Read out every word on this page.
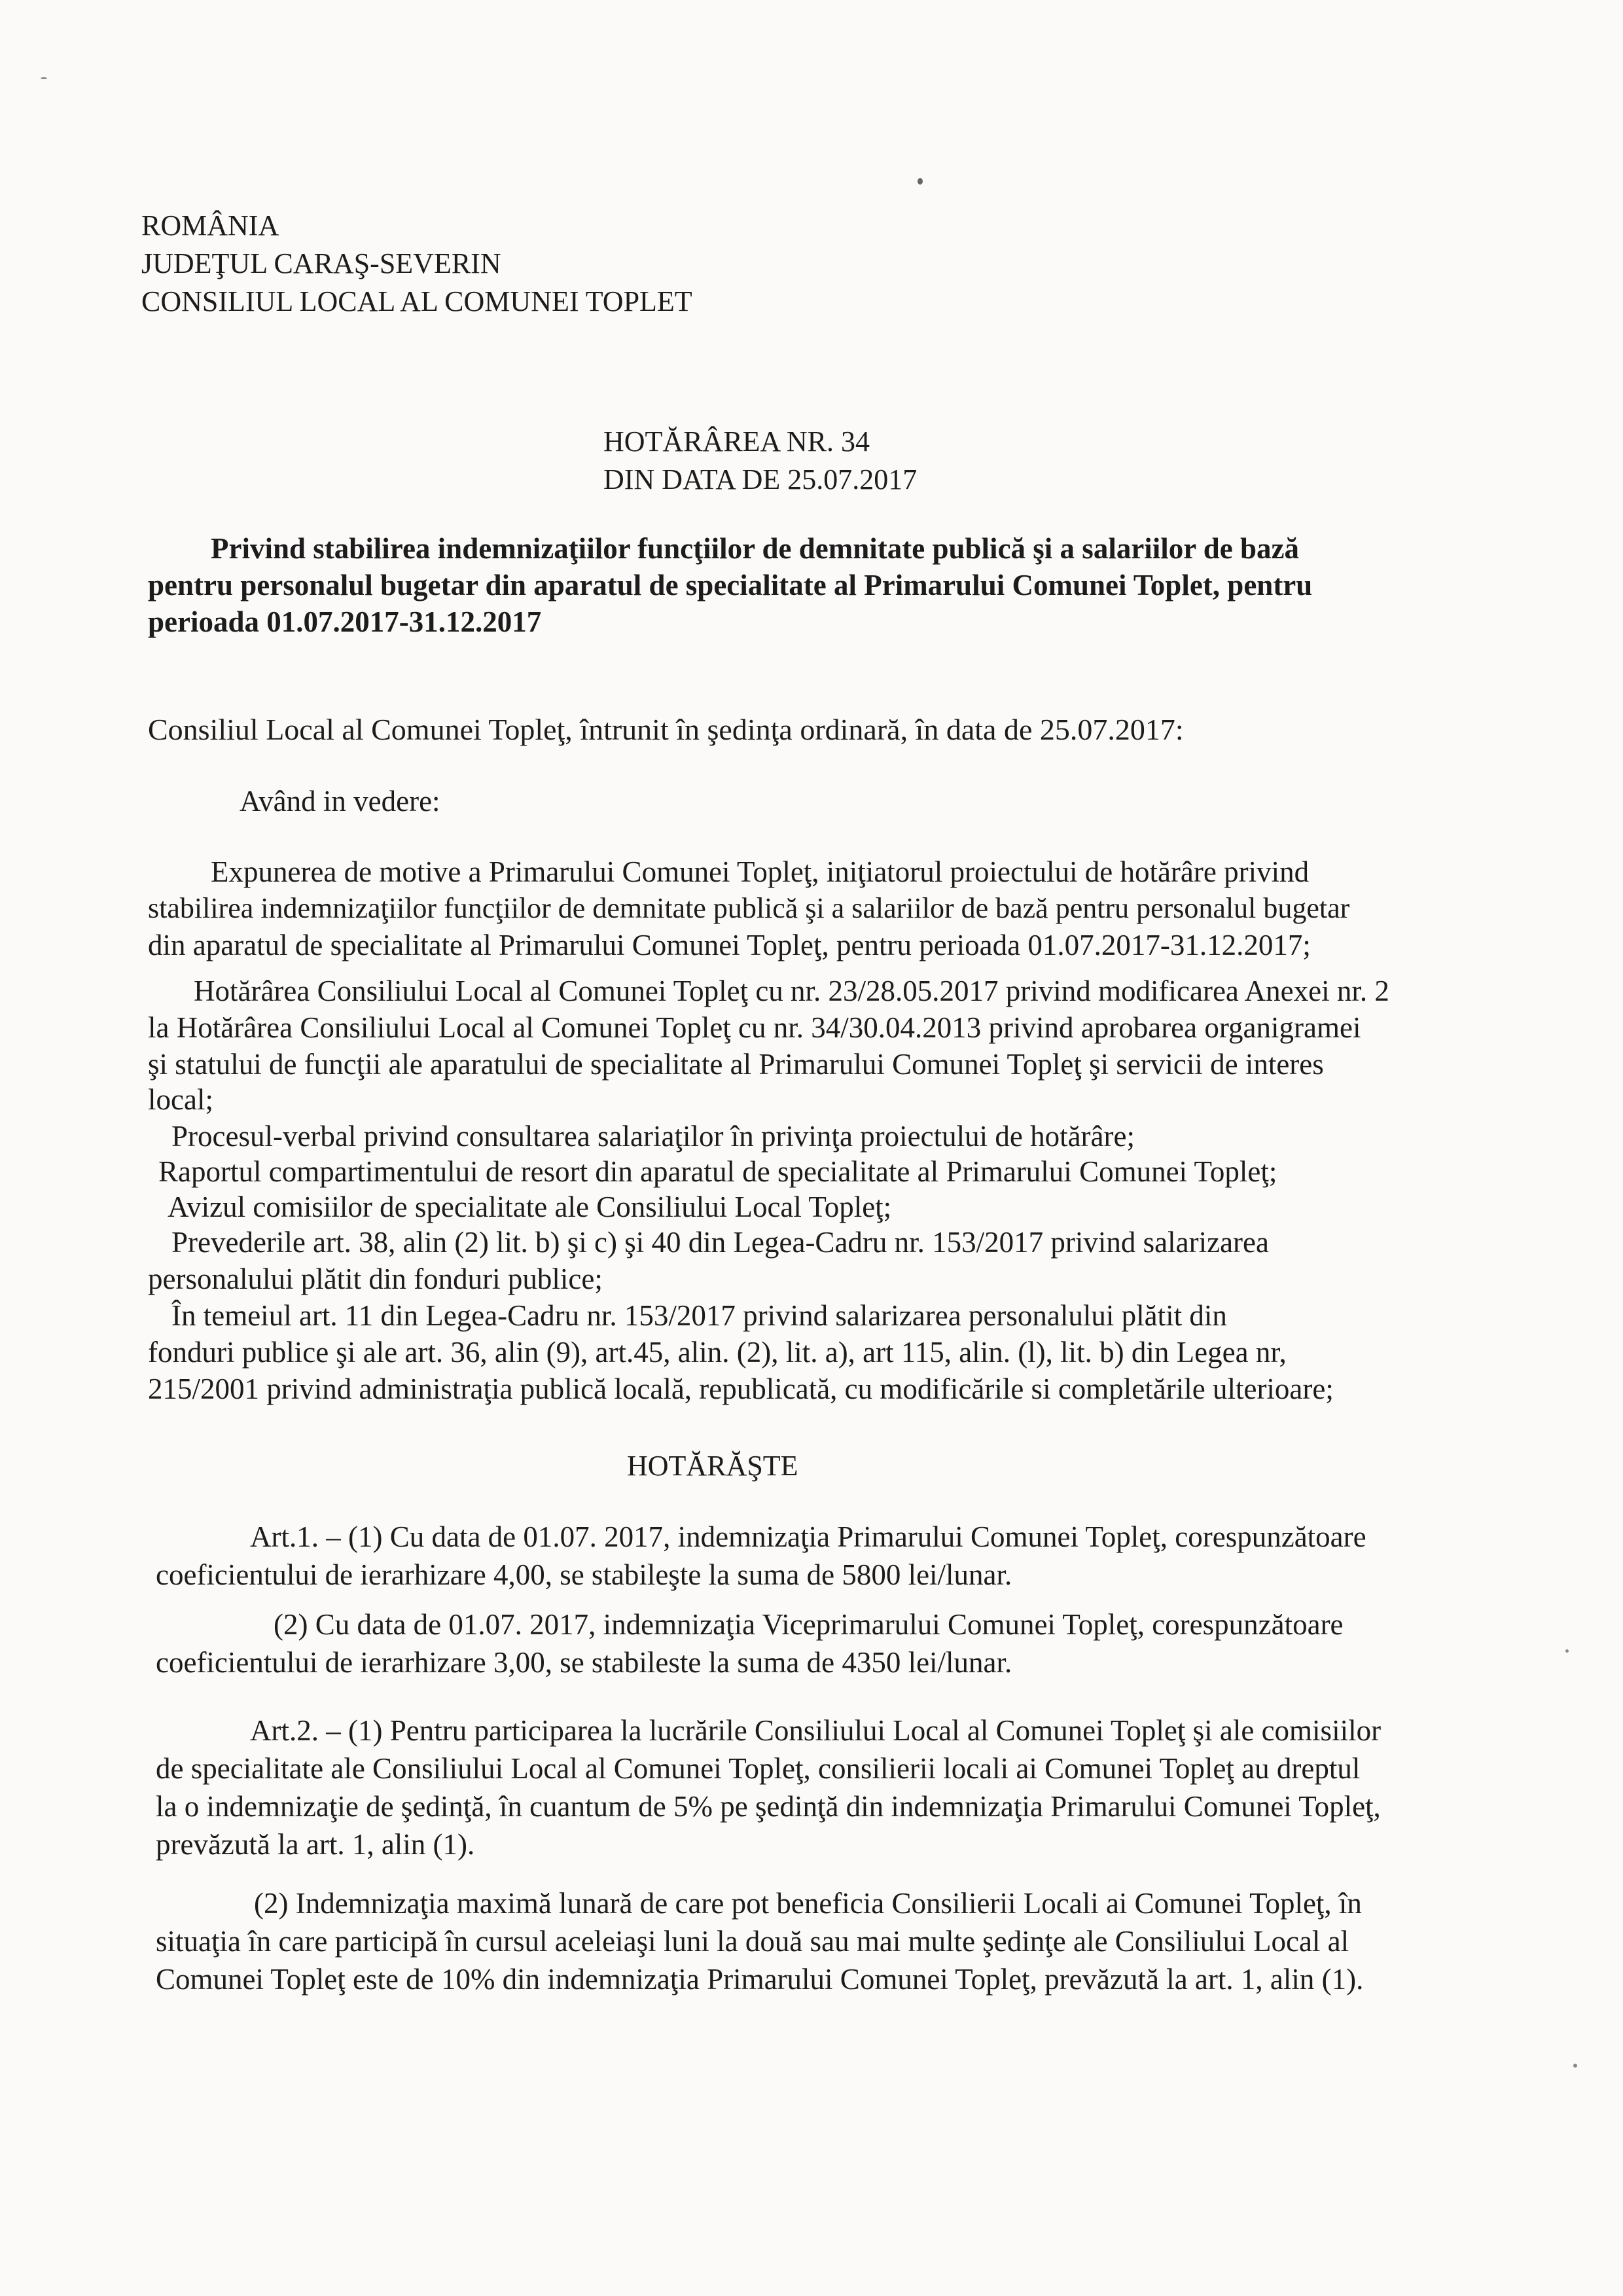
ROMÂNIA
JUDEŢUL CARAŞ-SEVERIN
CONSILIUL LOCAL AL COMUNEI TOPLET
HOTĂRÂREA NR. 34
DIN DATA DE 25.07.2017
Privind stabilirea indemnizaţiilor funcţiilor de demnitate publică şi a salariilor de bază
pentru personalul bugetar din aparatul de specialitate al Primarului Comunei Toplet, pentru
perioada 01.07.2017-31.12.2017
Consiliul Local al Comunei Topleţ, întrunit în şedinţa ordinară, în data de 25.07.2017:
Având in vedere:
Expunerea de motive a Primarului Comunei Topleţ, iniţiatorul proiectului de hotărâre privind
stabilirea indemnizaţiilor funcţiilor de demnitate publică şi a salariilor de bază pentru personalul bugetar
din aparatul de specialitate al Primarului Comunei Topleţ, pentru perioada 01.07.2017-31.12.2017;
Hotărârea Consiliului Local al Comunei Topleţ cu nr. 23/28.05.2017 privind modificarea Anexei nr. 2
la Hotărârea Consiliului Local al Comunei Topleţ cu nr. 34/30.04.2013 privind aprobarea organigramei
şi statului de funcţii ale aparatului de specialitate al Primarului Comunei Topleţ şi servicii de interes
local;
Procesul-verbal privind consultarea salariaţilor în privinţa proiectului de hotărâre;
Raportul compartimentului de resort din aparatul de specialitate al Primarului Comunei Topleţ;
Avizul comisiilor de specialitate ale Consiliului Local Topleţ;
Prevederile art. 38, alin (2) lit. b) şi c) şi 40 din Legea-Cadru nr. 153/2017 privind salarizarea
personalului plătit din fonduri publice;
În temeiul art. 11 din Legea-Cadru nr. 153/2017 privind salarizarea personalului plătit din
fonduri publice şi ale art. 36, alin (9), art.45, alin. (2), lit. a), art 115, alin. (l), lit. b) din Legea nr,
215/2001 privind administraţia publică locală, republicată, cu modificările si completările ulterioare;
HOTĂRĂŞTE
Art.1. – (1) Cu data de 01.07. 2017, indemnizaţia Primarului Comunei Topleţ, corespunzătoare
coeficientului de ierarhizare 4,00, se stabileşte la suma de 5800 lei/lunar.
(2) Cu data de 01.07. 2017, indemnizaţia Viceprimarului Comunei Topleţ, corespunzătoare
coeficientului de ierarhizare 3,00, se stabileste la suma de 4350 lei/lunar.
Art.2. – (1) Pentru participarea la lucrările Consiliului Local al Comunei Topleţ şi ale comisiilor
de specialitate ale Consiliului Local al Comunei Topleţ, consilierii locali ai Comunei Topleţ au dreptul
la o indemnizaţie de şedinţă, în cuantum de 5% pe şedinţă din indemnizaţia Primarului Comunei Topleţ,
prevăzută la art. 1, alin (1).
(2) Indemnizaţia maximă lunară de care pot beneficia Consilierii Locali ai Comunei Topleţ, în
situaţia în care participă în cursul aceleiaşi luni la două sau mai multe şedinţe ale Consiliului Local al
Comunei Topleţ este de 10% din indemnizaţia Primarului Comunei Topleţ, prevăzută la art. 1, alin (1).
